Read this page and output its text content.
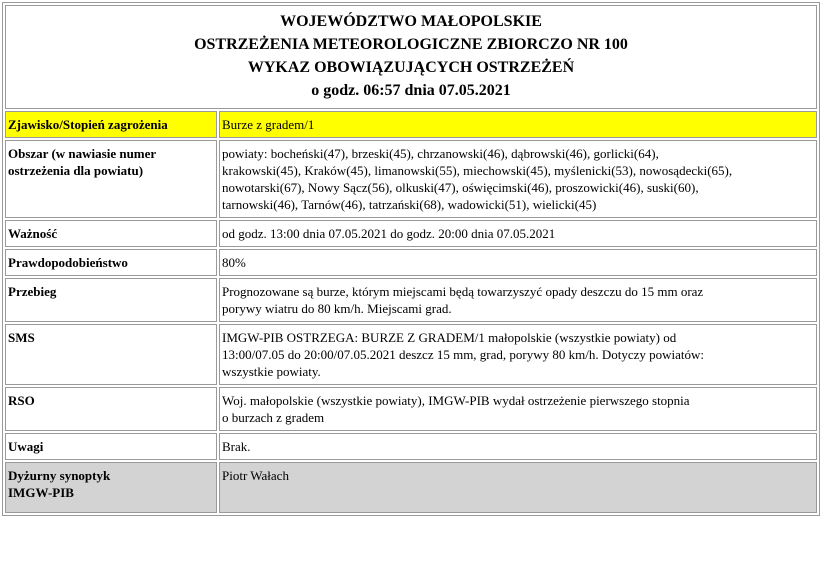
WOJEWÓDZTWO MAŁOPOLSKIE
OSTRZEŻENIA METEOROLOGICZNE ZBIORCZO NR 100
WYKAZ OBOWIĄZUJĄCYCH OSTRZEŻEŃ
o godz. 06:57 dnia 07.05.2021	

Zjawisko/Stopień zagrożenia	Burze z gradem/1
Obszar (w nawiasie numer ostrzeżenia dla powiatu)	powiaty: bocheński(47), brzeski(45), chrzanowski(46), dąbrowski(46), gorlicki(64),
krakowski(45), Kraków(45), limanowski(55), miechowski(45), myślenicki(53), nowosądecki(65),
nowotarski(67), Nowy Sącz(56), olkuski(47), oświęcimski(46), proszowicki(46), suski(60),
tarnowski(46), Tarnów(46), tatrzański(68), wadowicki(51), wielicki(45)

Ważność	od godz. 13:00 dnia 07.05.2021 do godz. 20:00 dnia 07.05.2021
Prawdopodobieństwo	80%
Przebieg	Prognozowane są burze, którym miejscami będą towarzyszyć opady deszczu do 15 mm oraz
porywy wiatru do 80 km/h. Miejscami grad.

SMS	IMGW-PIB OSTRZEGA: BURZE Z GRADEM/1 małopolskie (wszystkie powiaty) od
13:00/07.05 do 20:00/07.05.2021 deszcz 15 mm, grad, porywy 80 km/h. Dotyczy powiatów:
wszystkie powiaty.

RSO	Woj. małopolskie (wszystkie powiaty), IMGW-PIB wydał ostrzeżenie pierwszego stopnia
o burzach z gradem

Uwagi	Brak.

Dyżurny synoptyk
IMGW-PIB	Piotr Wałach
